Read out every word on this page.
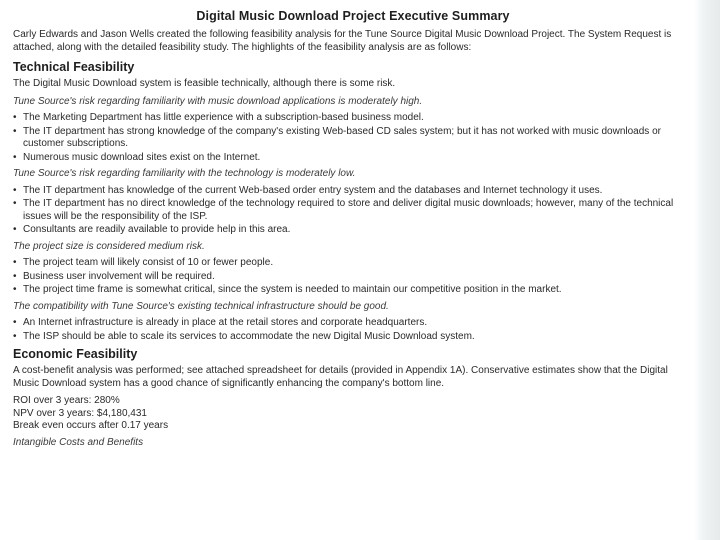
Digital Music Download Project Executive Summary

Carly Edwards and Jason Wells created the following feasibility analysis for the Tune Source Digital Music Download Project. The System Request is attached, along with the detailed feasibility study. The highlights of the feasibility analysis are as follows:

Technical Feasibility

The Digital Music Download system is feasible technically, although there is some risk.

Tune Source's risk regarding familiarity with music download applications is moderately high.

• The Marketing Department has little experience with a subscription-based business model.
• The IT department has strong knowledge of the company's existing Web-based CD sales system; but it has not worked with music downloads or customer subscriptions.
• Numerous music download sites exist on the Internet.

Tune Source's risk regarding familiarity with the technology is moderately low.

• The IT department has knowledge of the current Web-based order entry system and the databases and Internet technology it uses.
• The IT department has no direct knowledge of the technology required to store and deliver digital music downloads; however, many of the technical issues will be the responsibility of the ISP.
• Consultants are readily available to provide help in this area.

The project size is considered medium risk.

• The project team will likely consist of 10 or fewer people.
• Business user involvement will be required.
• The project time frame is somewhat critical, since the system is needed to maintain our competitive position in the market.

The compatibility with Tune Source's existing technical infrastructure should be good.

• An Internet infrastructure is already in place at the retail stores and corporate headquarters.
• The ISP should be able to scale its services to accommodate the new Digital Music Download system.
Economic Feasibility

A cost-benefit analysis was performed; see attached spreadsheet for details (provided in Appendix 1A). Conservative estimates show that the Digital Music Download system has a good chance of significantly enhancing the company's bottom line.

ROI over 3 years: 280%

NPV over 3 years: $4,180,431

Break even occurs after 0.17 years

Intangible Costs and Benefits
